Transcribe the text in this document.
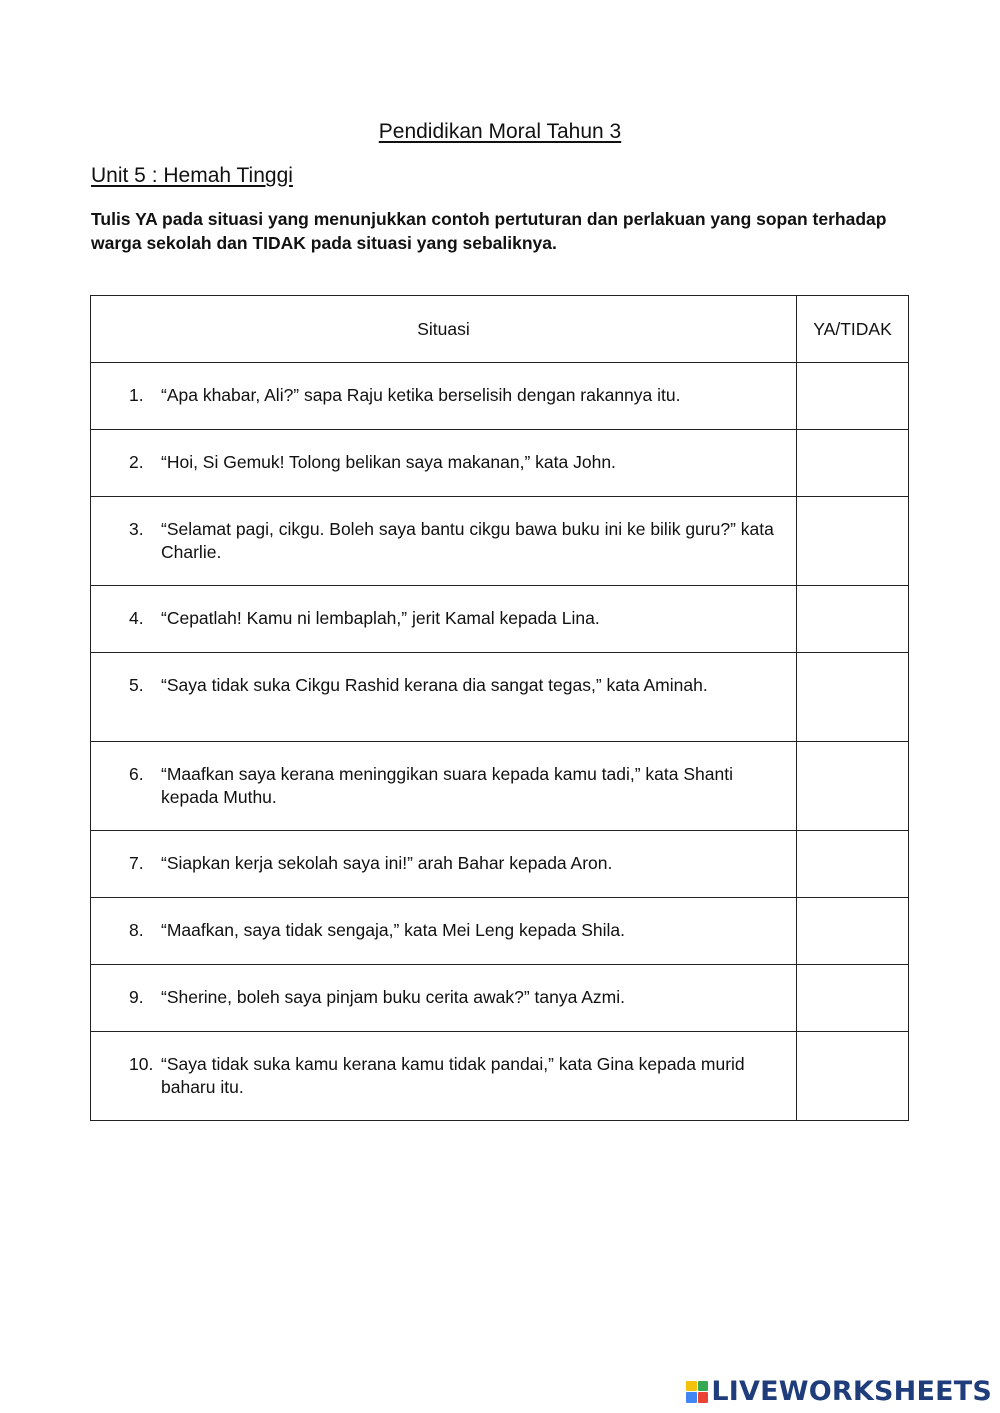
Pendidikan Moral Tahun 3
Unit 5 : Hemah Tinggi
Tulis YA pada situasi yang menunjukkan contoh pertuturan dan perlakuan yang sopan terhadap warga sekolah dan TIDAK pada situasi yang sebaliknya.
Situasi	YA/TIDAK

1. “Apa khabar, Ali?” sapa Raju ketika berselisih dengan rakannya itu.	

2. “Hoi, Si Gemuk! Tolong belikan saya makanan,” kata John.	

3. “Selamat pagi, cikgu. Boleh saya bantu cikgu bawa buku ini ke bilik guru?” kata Charlie.	

4. “Cepatlah! Kamu ni lembaplah,” jerit Kamal kepada Lina.	

5. “Saya tidak suka Cikgu Rashid kerana dia sangat tegas,” kata Aminah.	

6. “Maafkan saya kerana meninggikan suara kepada kamu tadi,” kata Shanti kepada Muthu.	

7. “Siapkan kerja sekolah saya ini!” arah Bahar kepada Aron.	

8. “Maafkan, saya tidak sengaja,” kata Mei Leng kepada Shila.	

9. “Sherine, boleh saya pinjam buku cerita awak?” tanya Azmi.	

10. “Saya tidak suka kamu kerana kamu tidak pandai,” kata Gina kepada murid baharu itu.	

LIVEWORKSHEETS
